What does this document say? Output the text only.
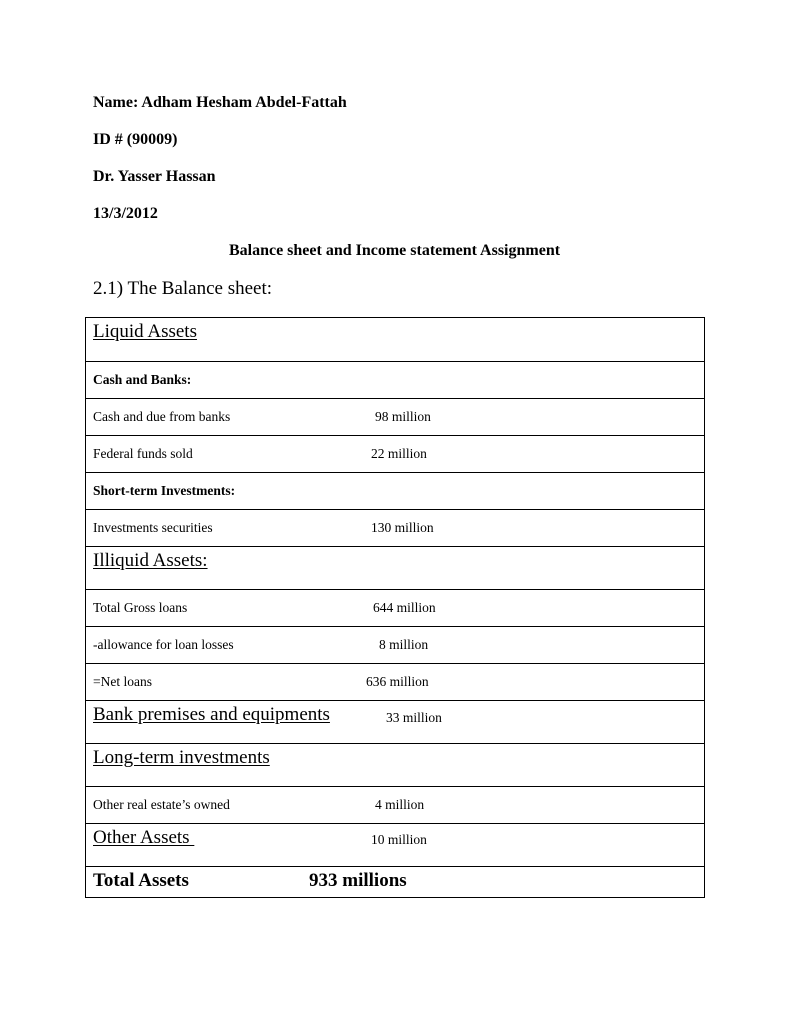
Name: Adham Hesham Abdel-Fattah
ID # (90009)
Dr. Yasser Hassan
13/3/2012
Balance sheet and Income statement Assignment
2.1) The Balance sheet:
Liquid Assets
Cash and Banks:
Cash and due from banks	98 million
Federal funds sold	22 million
Short-term Investments:
Investments securities	130 million
Illiquid Assets:
Total Gross loans	644 million
-allowance for loan losses	8 million
=Net loans	636 million
Bank premises and equipments	33 million
Long-term investments
Other real estate’s owned	4 million
Other Assets	10 million
Total Assets	933 millions
